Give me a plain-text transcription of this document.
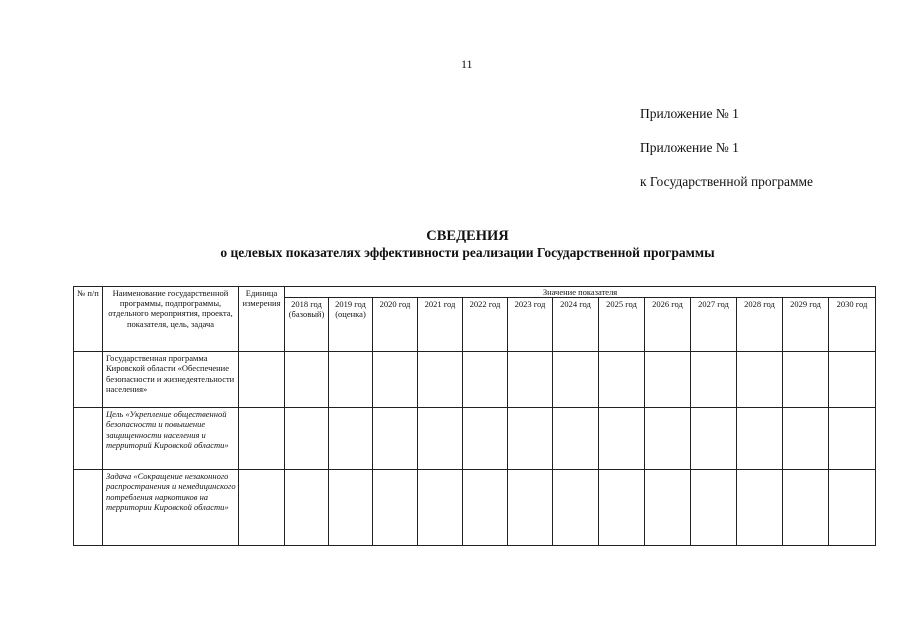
11
Приложение № 1
Приложение № 1
к Государственной программе
СВЕДЕНИЯ
о целевых показателях эффективности реализации Государственной программы
№ п/п	Наименование государственной программы, подпрограммы, отдельного мероприятия, проекта, показателя, цель, задача	Единица измерения	Значение показателя												
			2018 год (базовый)	2019 год (оценка)	2020 год	2021 год	2022 год	2023 год	2024 год	2025 год	2026 год	2027 год	2028 год	2029 год	2030 год
	Государственная программа Кировской области «Обеспечение безопасности и жизнедеятельности населения»														
	Цель «Укрепление общественной безопасности и повышение защищенности населения и территорий Кировской области»														
	Задача «Сокращение незаконного распространения и немедицинского потребления наркотиков на территории Кировской области»														
